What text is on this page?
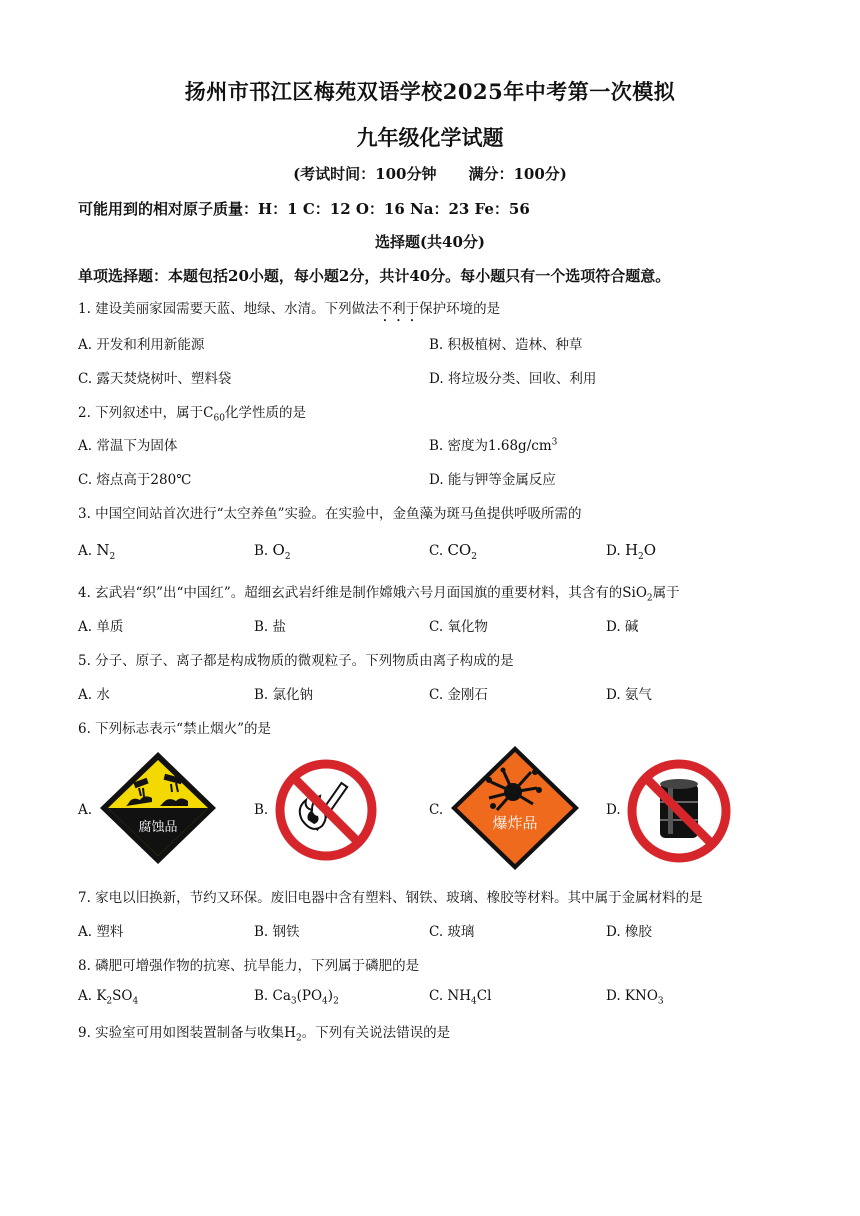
扬州市邗江区梅苑双语学校2025年中考第一次模拟
九年级化学试题
(考试时间：100分钟 满分：100分)
可能用到的相对原子质量：H：1 C：12 O：16 Na：23 Fe：56
选择题(共40分)
单项选择题：本题包括20小题，每小题2分，共计40分。每小题只有一个选项符合题意。
1. 建设美丽家园需要天蓝、地绿、水清。下列做法不利于保护环境的是
A. 开发和利用新能源	B. 积极植树、造林、种草
C. 露天焚烧树叶、塑料袋	D. 将垃圾分类、回收、利用
2. 下列叙述中，属于$C_{60}$化学性质的是
A. 常温下为固体	B. 密度为$1.68g/cm^3$
C. 熔点高于280℃	D. 能与钾等金属反应
3. 中国空间站首次进行“太空养鱼”实验。在实验中，金鱼藻为斑马鱼提供呼吸所需的
A. $N_2$	B. $O_2$	C. $CO_2$	D. $H_2O$
4. 玄武岩“织”出“中国红”。超细玄武岩纤维是制作嫦娥六号月面国旗的重要材料，其含有的SiO$_2$属于
A. 单质	B. 盐	C. 氧化物	D. 碱
5. 分子、原子、离子都是构成物质的微观粒子。下列物质由离子构成的是
A. 水	B. 氯化钠	C. 金刚石	D. 氨气
6. 下列标志表示“禁止烟火”的是
A.
腐蚀品
B.	C.
爆炸品
D.
7. 家电以旧换新，节约又环保。废旧电器中含有塑料、钢铁、玻璃、橡胶等材料。其中属于金属材料的是
A. 塑料	B. 钢铁	C. 玻璃	D. 橡胶
8. 磷肥可增强作物的抗寒、抗旱能力，下列属于磷肥的是
A. $K_2SO_4$	B. $Ca_3(PO_4)_2$	C. $NH_4Cl$	D. $KNO_3$
9. 实验室可用如图装置制备与收集$H_2$。下列有关说法错误的是
